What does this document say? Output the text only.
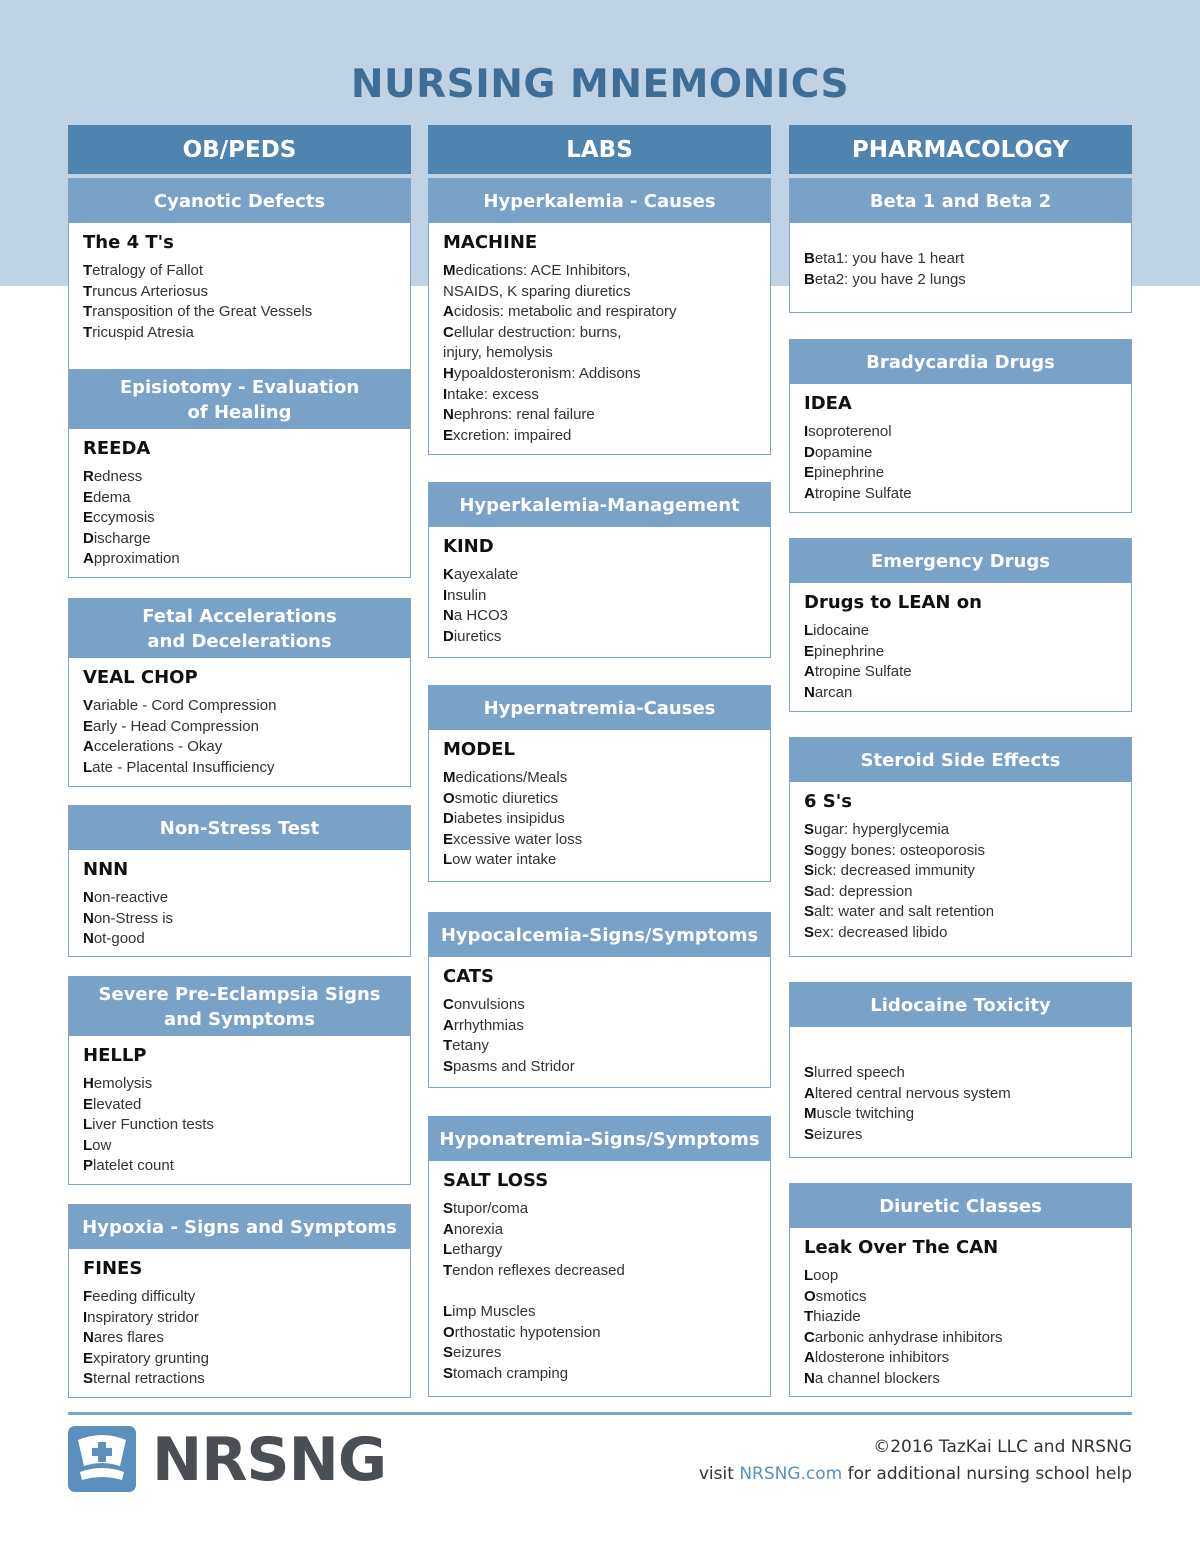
NURSING MNEMONICS
OB/PEDS
Cyanotic Defects
The 4 T's
Tetralogy of Fallot
Truncus Arteriosus
Transposition of the Great Vessels
Tricuspid Atresia
Episiotomy - Evaluation
of Healing
REEDA
Redness
Edema
Eccymosis
Discharge
Approximation
Fetal Accelerations
and Decelerations
VEAL CHOP
Variable - Cord Compression
Early - Head Compression
Accelerations - Okay
Late - Placental Insufficiency
Non-Stress Test
NNN
Non-reactive
Non-Stress is
Not-good
Severe Pre-Eclampsia Signs
and Symptoms
HELLP
Hemolysis
Elevated
Liver Function tests
Low
Platelet count
Hypoxia - Signs and Symptoms
FINES
Feeding difficulty
Inspiratory stridor
Nares flares
Expiratory grunting
Sternal retractions
LABS
Hyperkalemia - Causes
MACHINE
Medications: ACE Inhibitors,
NSAIDS, K sparing diuretics
Acidosis: metabolic and respiratory
Cellular destruction: burns,
injury, hemolysis
Hypoaldosteronism: Addisons
Intake: excess
Nephrons: renal failure
Excretion: impaired
Hyperkalemia-Management
KIND
Kayexalate
Insulin
Na HCO3
Diuretics
Hypernatremia-Causes
MODEL
Medications/Meals
Osmotic diuretics
Diabetes insipidus
Excessive water loss
Low water intake
Hypocalcemia-Signs/Symptoms
CATS
Convulsions
Arrhythmias
Tetany
Spasms and Stridor
Hyponatremia-Signs/Symptoms
SALT LOSS
Stupor/coma
Anorexia
Lethargy
Tendon reflexes decreased
Limp Muscles
Orthostatic hypotension
Seizures
Stomach cramping
PHARMACOLOGY
Beta 1 and Beta 2
Beta1: you have 1 heart
Beta2: you have 2 lungs
Bradycardia Drugs
IDEA
Isoproterenol
Dopamine
Epinephrine
Atropine Sulfate
Emergency Drugs
Drugs to LEAN on
Lidocaine
Epinephrine
Atropine Sulfate
Narcan
Steroid Side Effects
6 S's
Sugar: hyperglycemia
Soggy bones: osteoporosis
Sick: decreased immunity
Sad: depression
Salt: water and salt retention
Sex: decreased libido
Lidocaine Toxicity
Slurred speech
Altered central nervous system
Muscle twitching
Seizures
Diuretic Classes
Leak Over The CAN
Loop
Osmotics
Thiazide
Carbonic anhydrase inhibitors
Aldosterone inhibitors
Na channel blockers
NRSNG	©2016 TazKai LLC and NRSNG
visit NRSNG.com for additional nursing school help
